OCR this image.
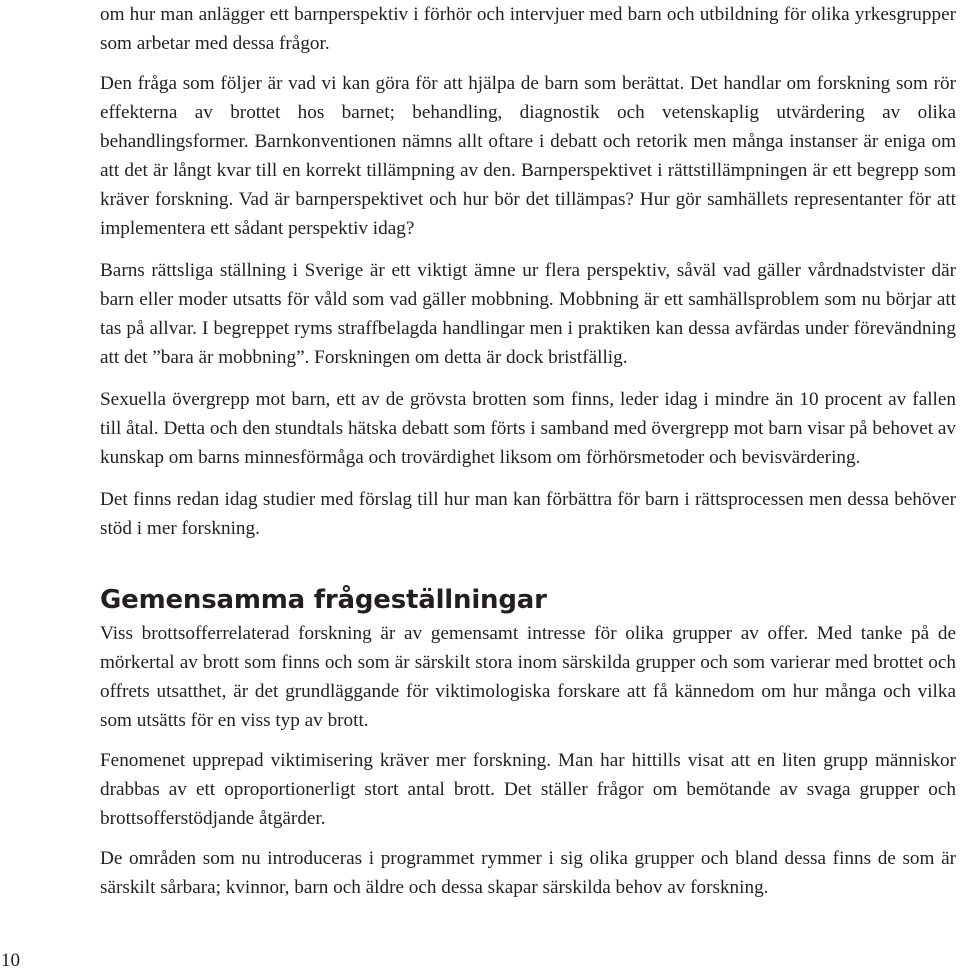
om hur man anlägger ett barnperspektiv i förhör och intervjuer med barn och utbildning för olika yrkesgrupper som arbetar med dessa frågor.

Den fråga som följer är vad vi kan göra för att hjälpa de barn som berättat. Det handlar om forskning som rör effekterna av brottet hos barnet; behandling, diagnostik och vetenskaplig utvärdering av olika behandlingsformer. Barnkonventionen nämns allt oftare i debatt och retorik men många instanser är eniga om att det är långt kvar till en korrekt tillämpning av den. Barnperspektivet i rättstillämpningen är ett begrepp som kräver forskning. Vad är barnperspektivet och hur bör det tillämpas? Hur gör samhällets representanter för att implementera ett sådant perspektiv idag?

Barns rättsliga ställning i Sverige är ett viktigt ämne ur flera perspektiv, såväl vad gäller vårdnadstvister där barn eller moder utsatts för våld som vad gäller mobbning. Mobbning är ett samhällsproblem som nu börjar att tas på allvar. I begreppet ryms straffbelagda handlingar men i praktiken kan dessa avfärdas under förevändning att det ”bara är mobbning”. Forskningen om detta är dock bristfällig.

Sexuella övergrepp mot barn, ett av de grövsta brotten som finns, leder idag i mindre än 10 procent av fallen till åtal. Detta och den stundtals hätska debatt som förts i samband med övergrepp mot barn visar på behovet av kunskap om barns minnesförmåga och trovärdighet liksom om förhörsmetoder och bevisvärdering.

Det finns redan idag studier med förslag till hur man kan förbättra för barn i rättsprocessen men dessa behöver stöd i mer forskning.

Gemensamma frågeställningar

Viss brottsofferrelaterad forskning är av gemensamt intresse för olika grupper av offer. Med tanke på de mörkertal av brott som finns och som är särskilt stora inom särskilda grupper och som varierar med brottet och offrets utsatthet, är det grundläggande för viktimologiska forskare att få kännedom om hur många och vilka som utsätts för en viss typ av brott.

Fenomenet upprepad viktimisering kräver mer forskning. Man har hittills visat att en liten grupp människor drabbas av ett oproportionerligt stort antal brott. Det ställer frågor om bemötande av svaga grupper och brottsofferstödjande åtgärder.

De områden som nu introduceras i programmet rymmer i sig olika grupper och bland dessa finns de som är särskilt sårbara; kvinnor, barn och äldre och dessa skapar särskilda behov av forskning.

10
